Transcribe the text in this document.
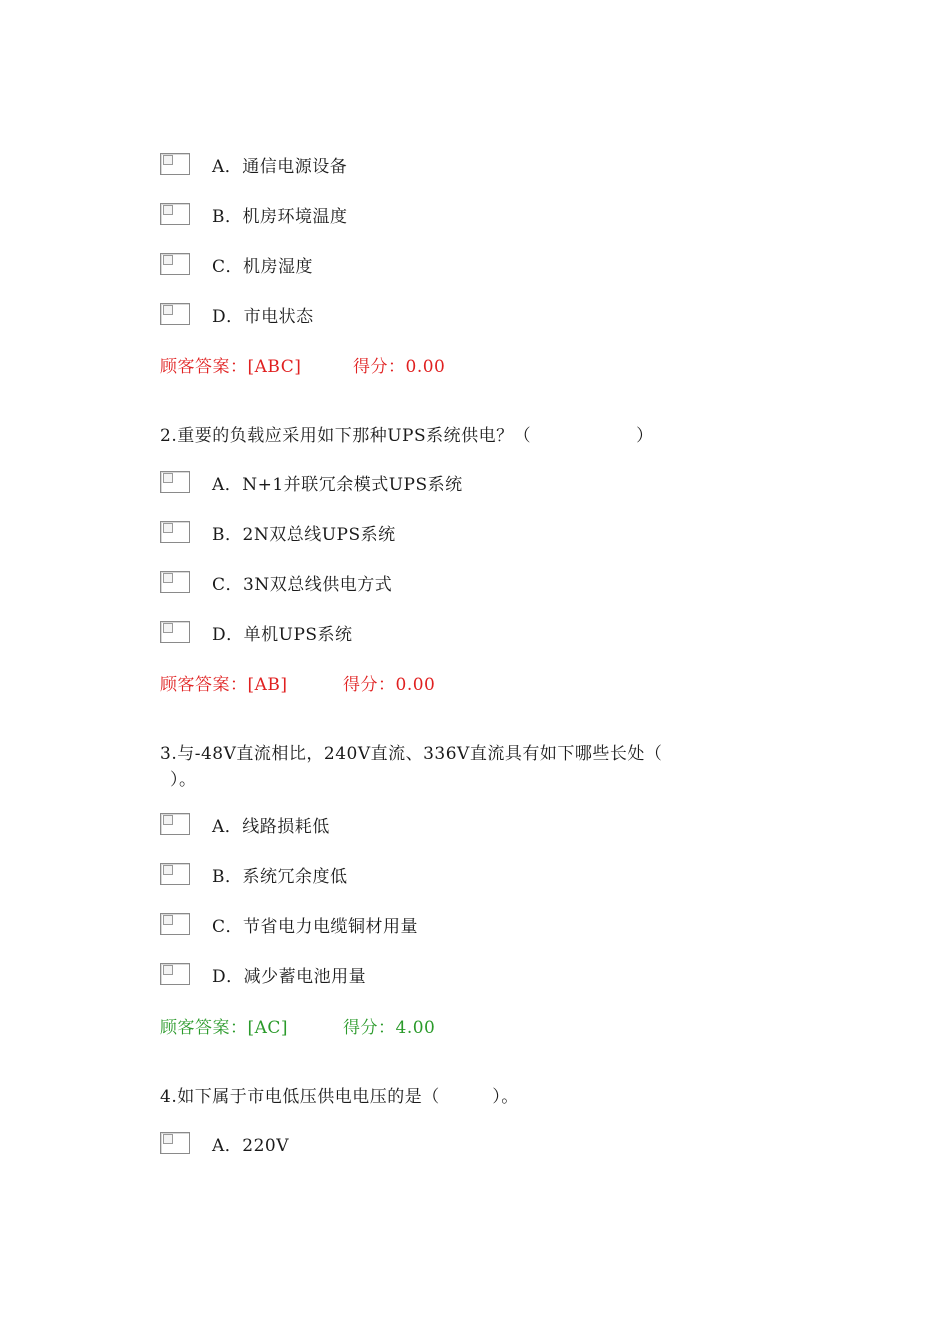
A．通信电源设备
B．机房环境温度
C．机房湿度
D．市电状态
顾客答案：[ABC]	得分：0.00
2.重要的负载应采用如下那种UPS系统供电？（　　　　　　）
A．N+1并联冗余模式UPS系统
B．2N双总线UPS系统
C．3N双总线供电方式
D．单机UPS系统
顾客答案：[AB]	得分：0.00
3.与-48V直流相比，240V直流、336V直流具有如下哪些长处（
）。
A．线路损耗低
B．系统冗余度低
C．节省电力电缆铜材用量
D．减少蓄电池用量
顾客答案：[AC]	得分：4.00
4.如下属于市电低压供电电压的是（　　　）。
A．220V
